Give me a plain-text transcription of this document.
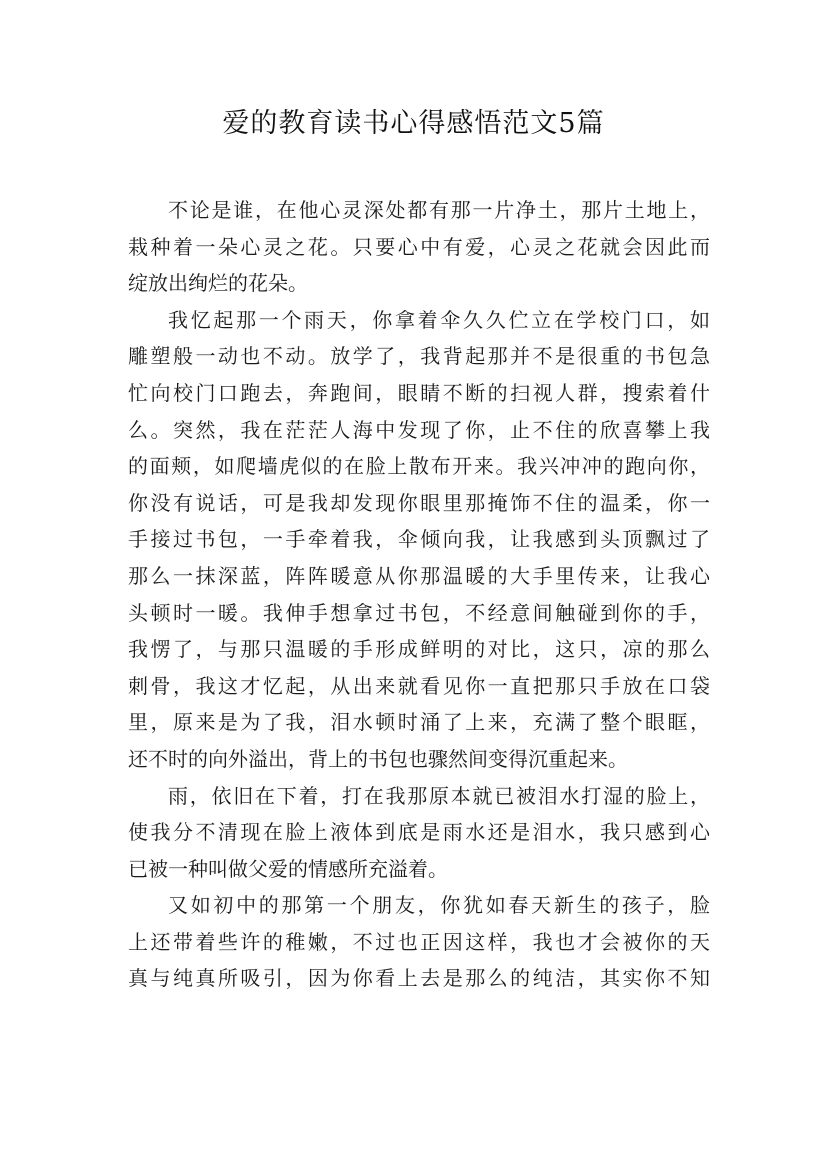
爱的教育读书心得感悟范文5篇
不论是谁，在他心灵深处都有那一片净土，那片土地上，
栽种着一朵心灵之花。只要心中有爱，心灵之花就会因此而
绽放出绚烂的花朵。
我忆起那一个雨天，你拿着伞久久伫立在学校门口，如
雕塑般一动也不动。放学了，我背起那并不是很重的书包急
忙向校门口跑去，奔跑间，眼睛不断的扫视人群，搜索着什
么。突然，我在茫茫人海中发现了你，止不住的欣喜攀上我
的面颊，如爬墙虎似的在脸上散布开来。我兴冲冲的跑向你，
你没有说话，可是我却发现你眼里那掩饰不住的温柔，你一
手接过书包，一手牵着我，伞倾向我，让我感到头顶飘过了
那么一抹深蓝，阵阵暖意从你那温暖的大手里传来，让我心
头顿时一暖。我伸手想拿过书包，不经意间触碰到你的手，
我愣了，与那只温暖的手形成鲜明的对比，这只，凉的那么
刺骨，我这才忆起，从出来就看见你一直把那只手放在口袋
里，原来是为了我，泪水顿时涌了上来，充满了整个眼眶，
还不时的向外溢出，背上的书包也骤然间变得沉重起来。
雨，依旧在下着，打在我那原本就已被泪水打湿的脸上，
使我分不清现在脸上液体到底是雨水还是泪水，我只感到心
已被一种叫做父爱的情感所充溢着。
又如初中的那第一个朋友，你犹如春天新生的孩子，脸
上还带着些许的稚嫩，不过也正因这样，我也才会被你的天
真与纯真所吸引，因为你看上去是那么的纯洁，其实你不知
